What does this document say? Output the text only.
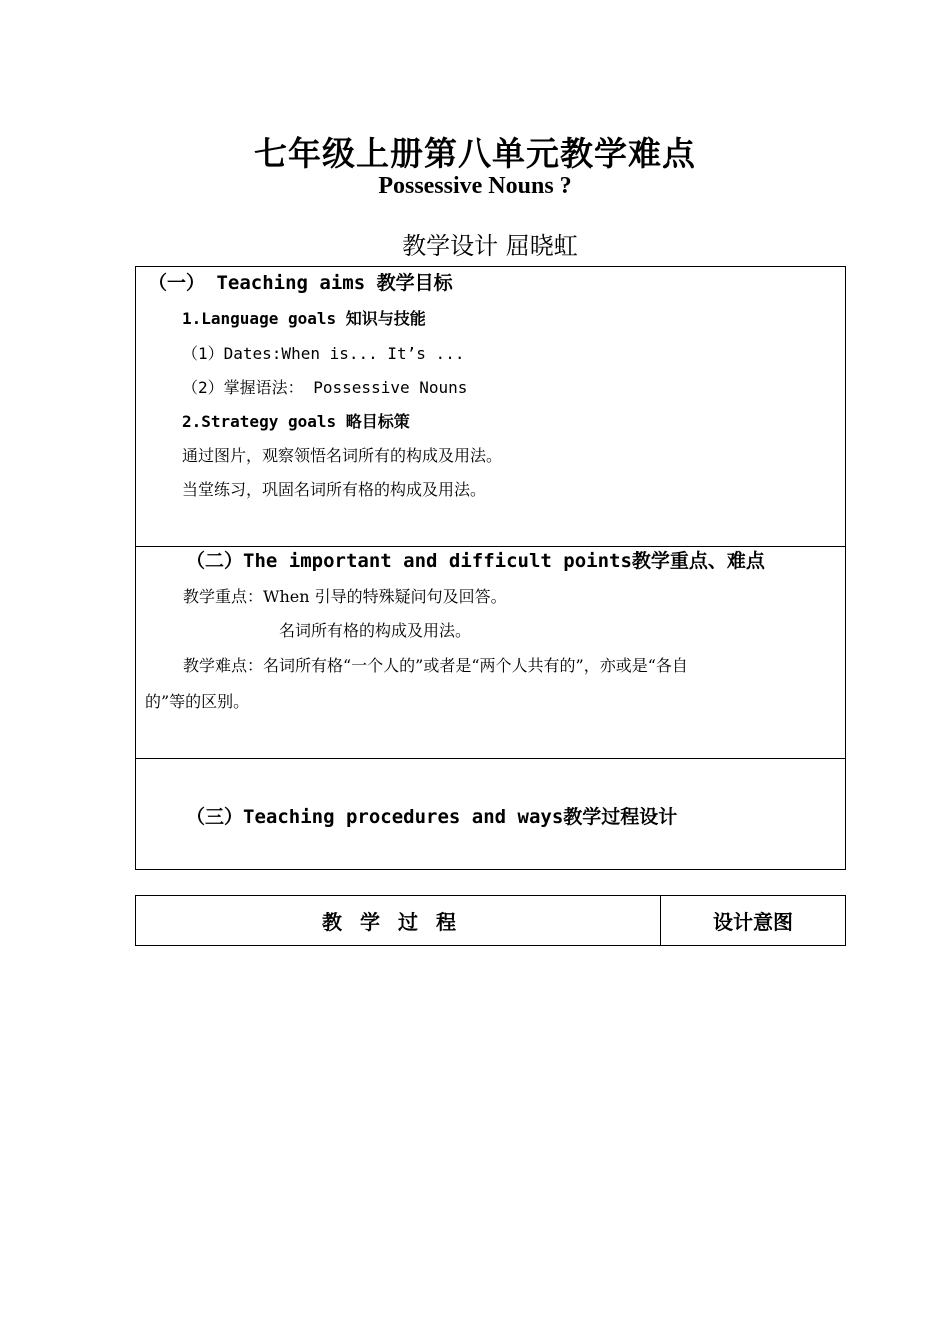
七年级上册第八单元教学难点
Possessive Nouns ?
教学设计 屈晓虹
（一） Teaching aims 教学目标
1.Language goals 知识与技能
（1）Dates:When is... It’s ...
（2）掌握语法： Possessive Nouns
2.Strategy goals 略目标策
通过图片，观察领悟名词所有的构成及用法。
当堂练习，巩固名词所有格的构成及用法。
（二）The important and difficult points教学重点、难点
教学重点：When 引导的特殊疑问句及回答。
名词所有格的构成及用法。
教学难点：名词所有格“一个人的”或者是“两个人共有的”，亦或是“各自
的”等的区别。
（三）Teaching procedures and ways教学过程设计
教学过程	设计意图
